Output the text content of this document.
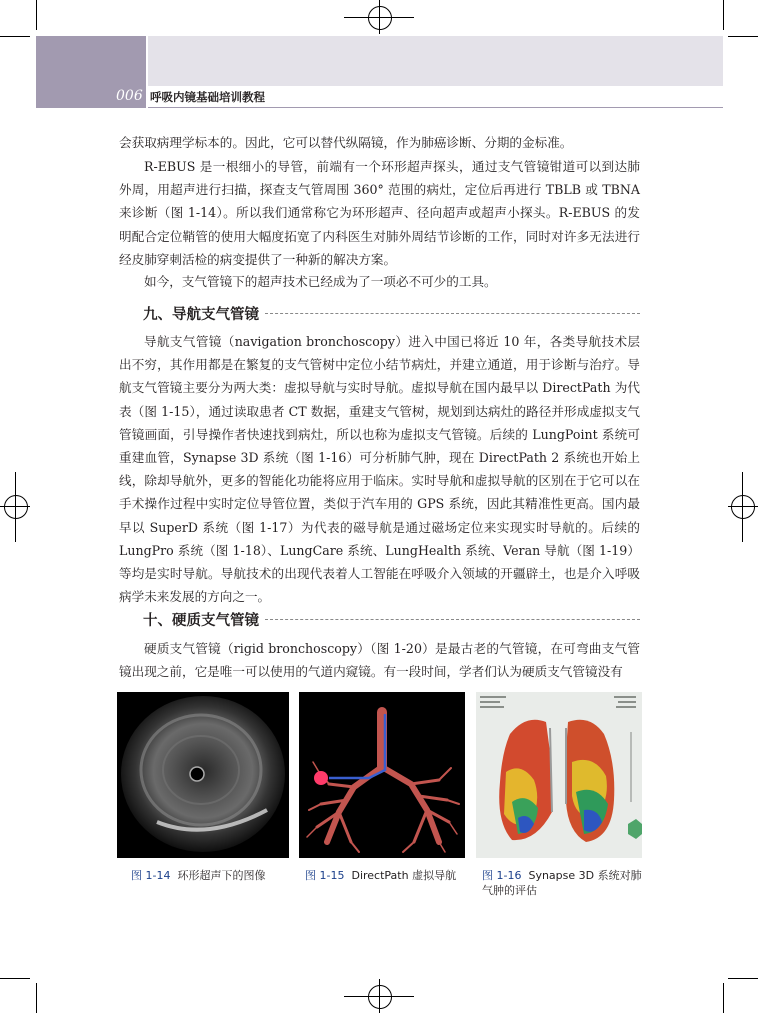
006 呼吸内镜基础培训教程

会获取病理学标本的。因此，它可以替代纵隔镜，作为肺癌诊断、分期的金标准。

R-EBUS 是一根细小的导管，前端有一个环形超声探头，通过支气管镜钳道可以到达肺外周，用超声进行扫描，探查支气管周围 360° 范围的病灶，定位后再进行 TBLB 或 TBNA 来诊断（图 1-14）。所以我们通常称它为环形超声、径向超声或超声小探头。R-EBUS 的发明配合定位鞘管的使用大幅度拓宽了内科医生对肺外周结节诊断的工作，同时对许多无法进行经皮肺穿刺活检的病变提供了一种新的解决方案。

如今，支气管镜下的超声技术已经成为了一项必不可少的工具。

九、导航支气管镜

导航支气管镜（navigation bronchoscopy）进入中国已将近 10 年，各类导航技术层出不穷，其作用都是在繁复的支气管树中定位小结节病灶，并建立通道，用于诊断与治疗。导航支气管镜主要分为两大类：虚拟导航与实时导航。虚拟导航在国内最早以 DirectPath 为代表（图 1-15），通过读取患者 CT 数据，重建支气管树，规划到达病灶的路径并形成虚拟支气管镜画面，引导操作者快速找到病灶，所以也称为虚拟支气管镜。后续的 LungPoint 系统可重建血管，Synapse 3D 系统（图 1-16）可分析肺气肿，现在 DirectPath 2 系统也开始上线，除却导航外，更多的智能化功能将应用于临床。实时导航和虚拟导航的区别在于它可以在手术操作过程中实时定位导管位置，类似于汽车用的 GPS 系统，因此其精准性更高。国内最早以 SuperD 系统（图 1-17）为代表的磁导航是通过磁场定位来实现实时导航的。后续的 LungPro 系统（图 1-18）、LungCare 系统、LungHealth 系统、Veran 导航（图 1-19）等均是实时导航。导航技术的出现代表着人工智能在呼吸介入领域的开疆辟土，也是介入呼吸病学未来发展的方向之一。

十、硬质支气管镜

硬质支气管镜（rigid bronchoscopy）（图 1-20）是最古老的气管镜，在可弯曲支气管镜出现之前，它是唯一可以使用的气道内窥镜。有一段时间，学者们认为硬质支气管镜没有

图 1-14 环形超声下的图像	图 1-15 DirectPath 虚拟导航 图 1-16 Synapse 3D 系统对肺气肿的评估
